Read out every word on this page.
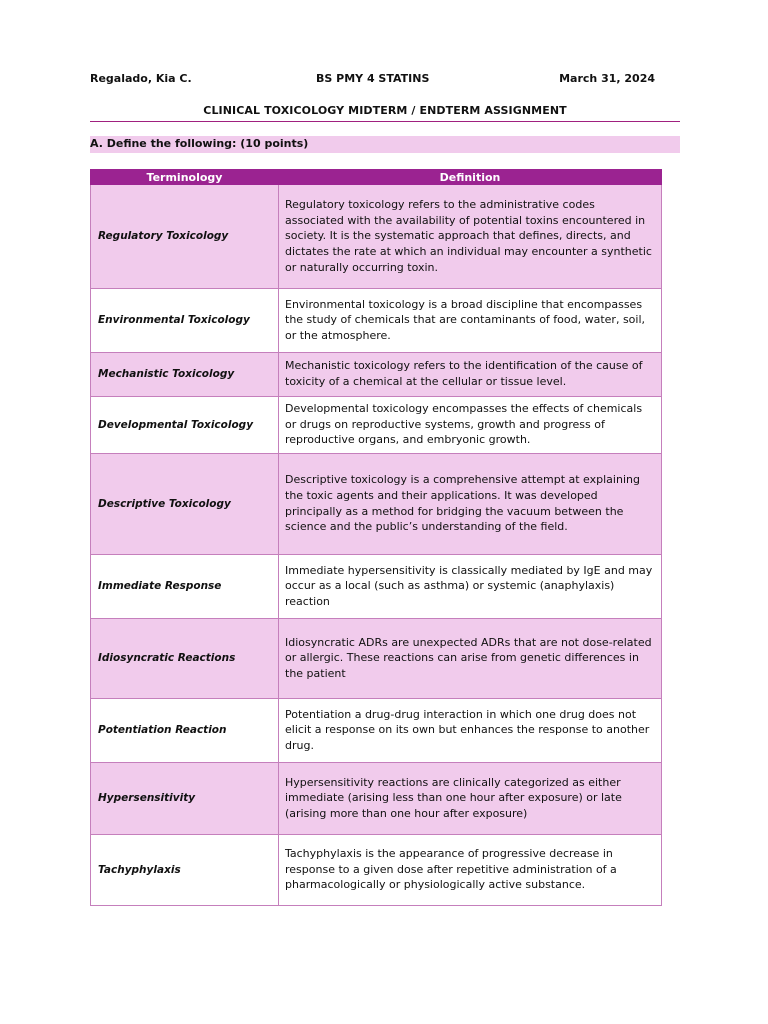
Regalado, Kia C.	BS PMY 4 STATINS	March 31, 2024
CLINICAL TOXICOLOGY MIDTERM / ENDTERM ASSIGNMENT
A. Define the following: (10 points)
Terminology	Definition
Regulatory Toxicology	Regulatory toxicology refers to the administrative codes associated with the availability of potential toxins encountered in society. It is the systematic approach that defines, directs, and dictates the rate at which an individual may encounter a synthetic or naturally occurring toxin.
Environmental Toxicology	Environmental toxicology is a broad discipline that encompasses the study of chemicals that are contaminants of food, water, soil, or the atmosphere.
Mechanistic Toxicology	Mechanistic toxicology refers to the identification of the cause of toxicity of a chemical at the cellular or tissue level.
Developmental Toxicology	Developmental toxicology encompasses the effects of chemicals or drugs on reproductive systems, growth and progress of reproductive organs, and embryonic growth.
Descriptive Toxicology	Descriptive toxicology is a comprehensive attempt at explaining the toxic agents and their applications. It was developed principally as a method for bridging the vacuum between the science and the public’s understanding of the field.
Immediate Response	Immediate hypersensitivity is classically mediated by IgE and may occur as a local (such as asthma) or systemic (anaphylaxis) reaction
Idiosyncratic Reactions	Idiosyncratic ADRs are unexpected ADRs that are not dose-related or allergic. These reactions can arise from genetic differences in the patient
Potentiation Reaction	Potentiation a drug-drug interaction in which one drug does not elicit a response on its own but enhances the response to another drug.
Hypersensitivity	Hypersensitivity reactions are clinically categorized as either immediate (arising less than one hour after exposure) or late (arising more than one hour after exposure)
Tachyphylaxis	Tachyphylaxis is the appearance of progressive decrease in response to a given dose after repetitive administration of a pharmacologically or physiologically active substance.
